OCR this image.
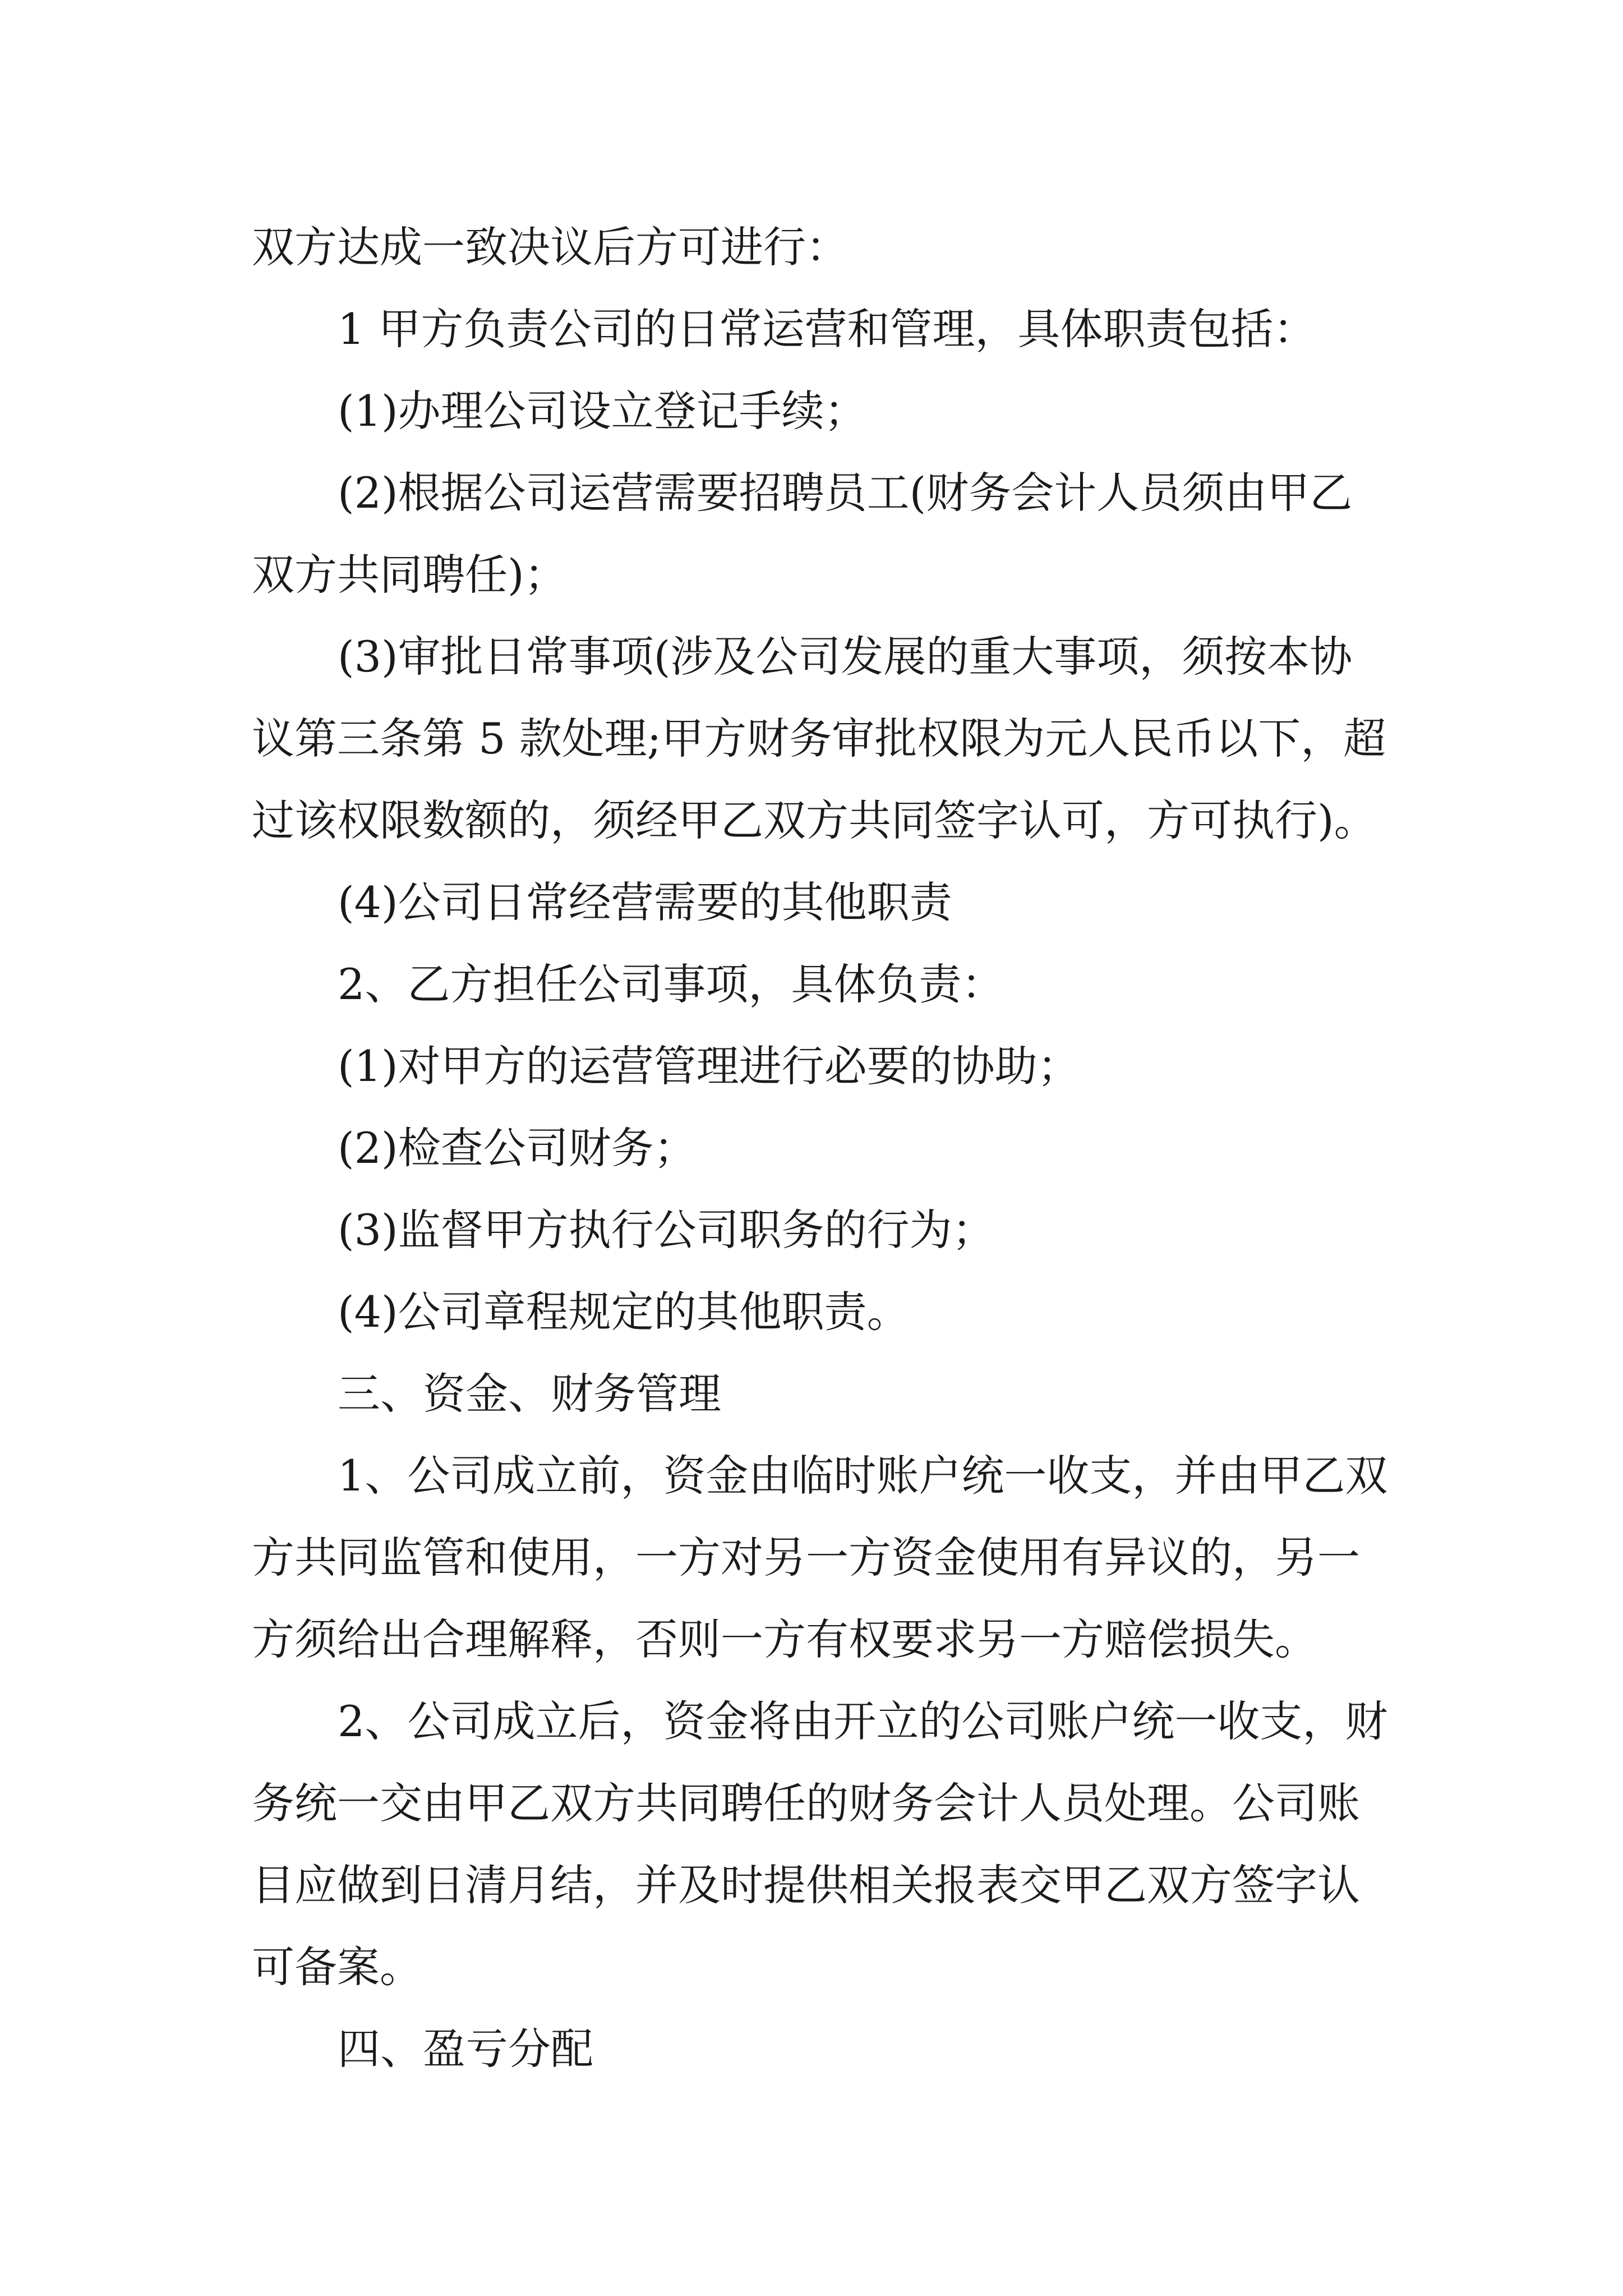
双方达成一致决议后方可进行：

1 甲方负责公司的日常运营和管理，具体职责包括：

(1)办理公司设立登记手续；

(2)根据公司运营需要招聘员工(财务会计人员须由甲乙双方共同聘任)；

(3)审批日常事项(涉及公司发展的重大事项，须按本协议第三条第 5 款处理;甲方财务审批权限为元人民币以下，超过该权限数额的，须经甲乙双方共同签字认可，方可执行)。

(4)公司日常经营需要的其他职责

2、乙方担任公司事项，具体负责：

(1)对甲方的运营管理进行必要的协助；

(2)检查公司财务；

(3)监督甲方执行公司职务的行为；

(4)公司章程规定的其他职责。

三、资金、财务管理

1、公司成立前，资金由临时账户统一收支，并由甲乙双方共同监管和使用，一方对另一方资金使用有异议的，另一方须给出合理解释，否则一方有权要求另一方赔偿损失。

2、公司成立后，资金将由开立的公司账户统一收支，财务统一交由甲乙双方共同聘任的财务会计人员处理。公司账目应做到日清月结，并及时提供相关报表交甲乙双方签字认可备案。

四、盈亏分配
